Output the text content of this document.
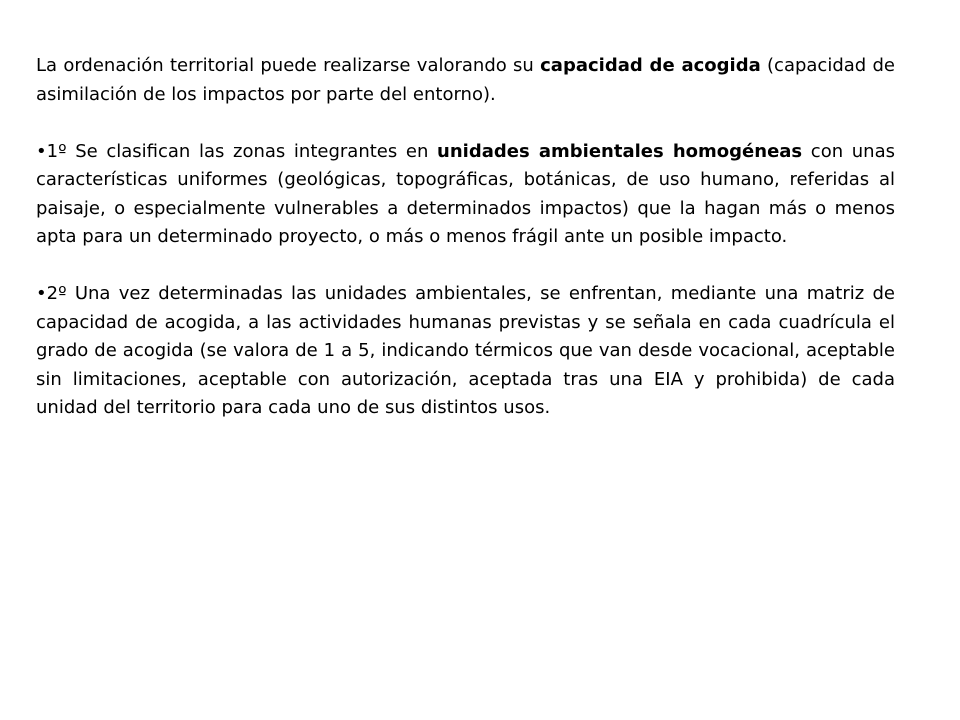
La ordenación territorial puede realizarse valorando su capacidad de acogida (capacidad de asimilación de los impactos por parte del entorno).

•1º Se clasifican las zonas integrantes en unidades ambientales homogéneas con unas características uniformes (geológicas, topográficas, botánicas, de uso humano, referidas al paisaje, o especialmente vulnerables a determinados impactos) que la hagan más o menos apta para un determinado proyecto, o más o menos frágil ante un posible impacto.

•2º Una vez determinadas las unidades ambientales, se enfrentan, mediante una matriz de capacidad de acogida, a las actividades humanas previstas y se señala en cada cuadrícula el grado de acogida (se valora de 1 a 5, indicando térmicos que van desde vocacional, aceptable sin limitaciones, aceptable con autorización, aceptada tras una EIA y prohibida) de cada unidad del territorio para cada uno de sus distintos usos.
